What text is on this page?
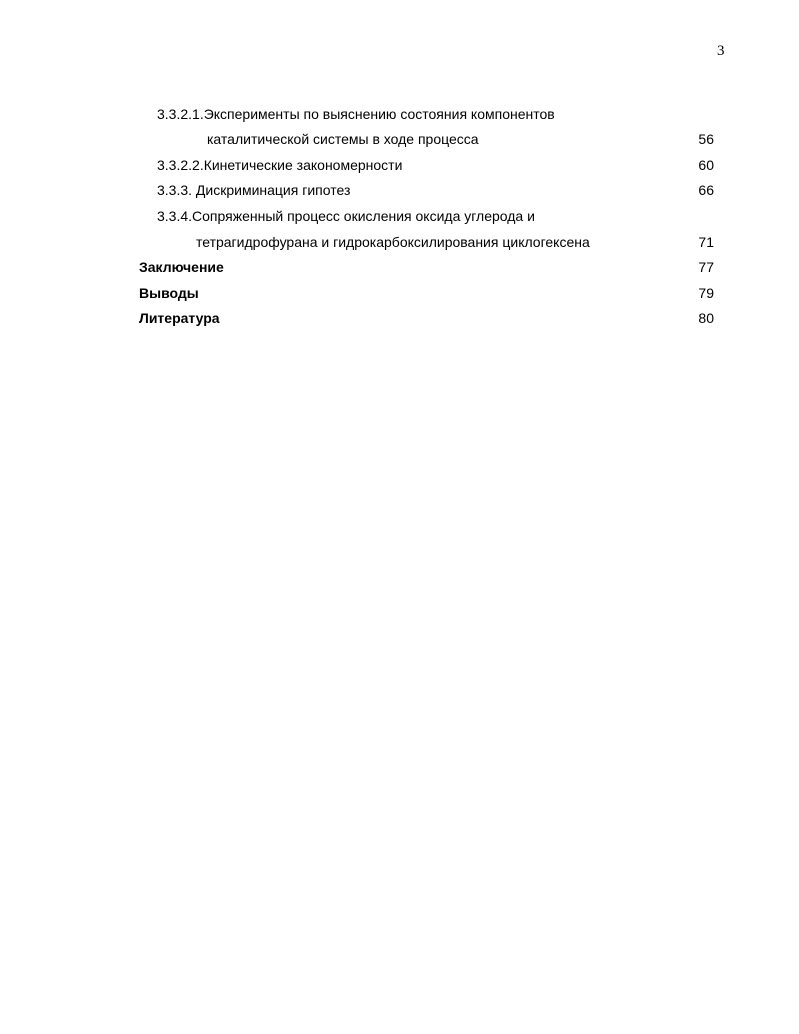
3
3.3.2.1.Эксперименты по выяснению состояния компонентов
каталитической системы в ходе процесса	56
3.3.2.2.Кинетические закономерности	60
3.3.3. Дискриминация гипотез	66
3.3.4.Сопряженный процесс окисления оксида углерода и
тетрагидрофурана и гидрокарбоксилирования циклогексена	71
Заключение	77
Выводы	79
Литература	80
